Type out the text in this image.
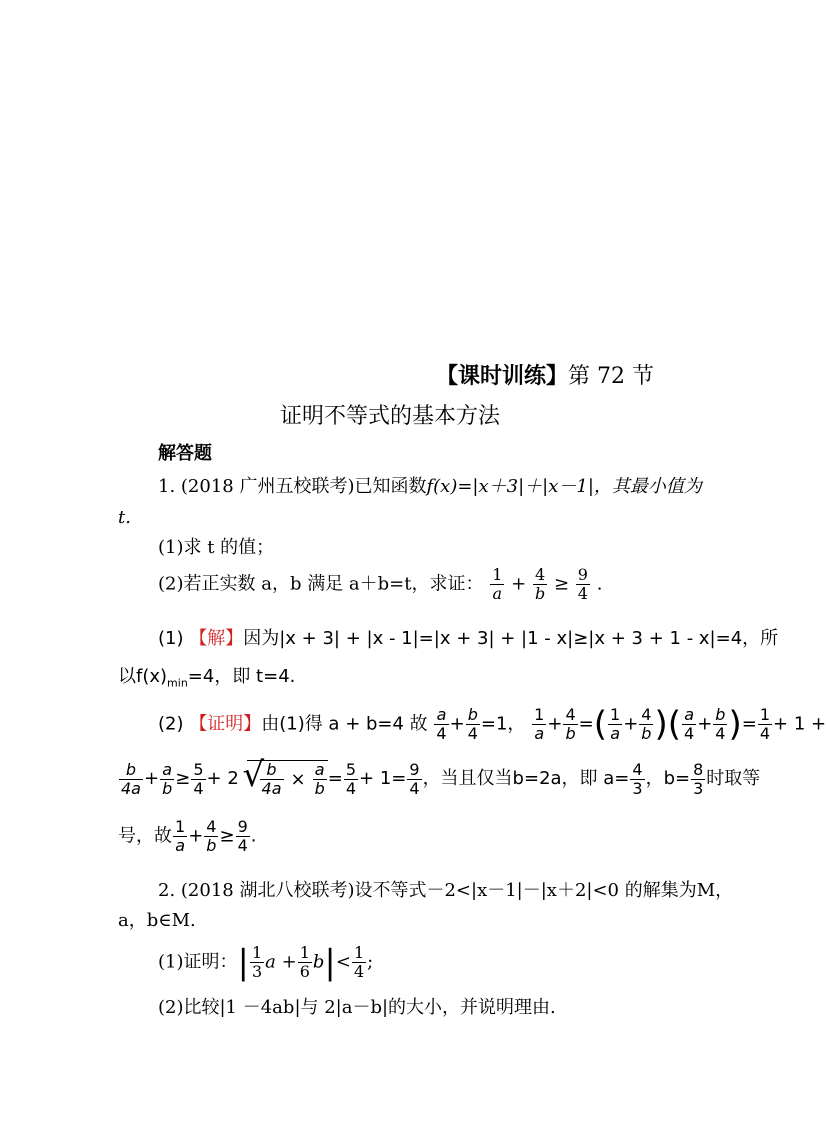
【课时训练】第 72 节
证明不等式的基本方法
解答题
1. (2018 广州五校联考)已知函数f(x)=|x＋3|＋|x－1|，其最小值为
t.
(1)求 t 的值；
(2)若正实数 a，b 满足 a＋b=t，求证： $\frac{1}{a} + \frac{4}{b} \ge \frac{9}{4}$ .
(1) 【解】因为|x + 3| + |x - 1|=|x + 3| + |1 - x|≥|x + 3 + 1 - x|=4，所
以$f(x)_{min}=4$，即 t=4.
(2) 【证明】由(1)得 a + b=4 故 $\frac{a}{4} + \frac{b}{4} =1$， $\frac{1}{a} + \frac{4}{b}$ =( $\frac{1}{a} + \frac{4}{b}$ )( $\frac{a}{4} + \frac{b}{4}$ )= $\frac{1}{4} + 1$ +
$\frac{b}{4a} + \frac{a}{b} \ge \frac{5}{4} + 2$
√ $\frac{b}{4a} \times \frac{a}{b} = \frac{5}{4} + 1= \frac{9}{4}$ ，当且仅当b=2a，即 $a= \frac{4}{3}$ ，$b= \frac{8}{3}$ 时取等
号，故 $\frac{1}{a} + \frac{4}{b} \ge \frac{9}{4}$ .
2. (2018 湖北八校联考)设不等式－2<|x－1|－|x＋2|<0 的解集为M，
a，b∈M.
(1)证明：| $\frac{1}{3}$ $a + \frac{1}{6} b|< \frac{1}{4}$ ;
(2)比较|1 －4ab|与 2|a－b|的大小，并说明理由.
